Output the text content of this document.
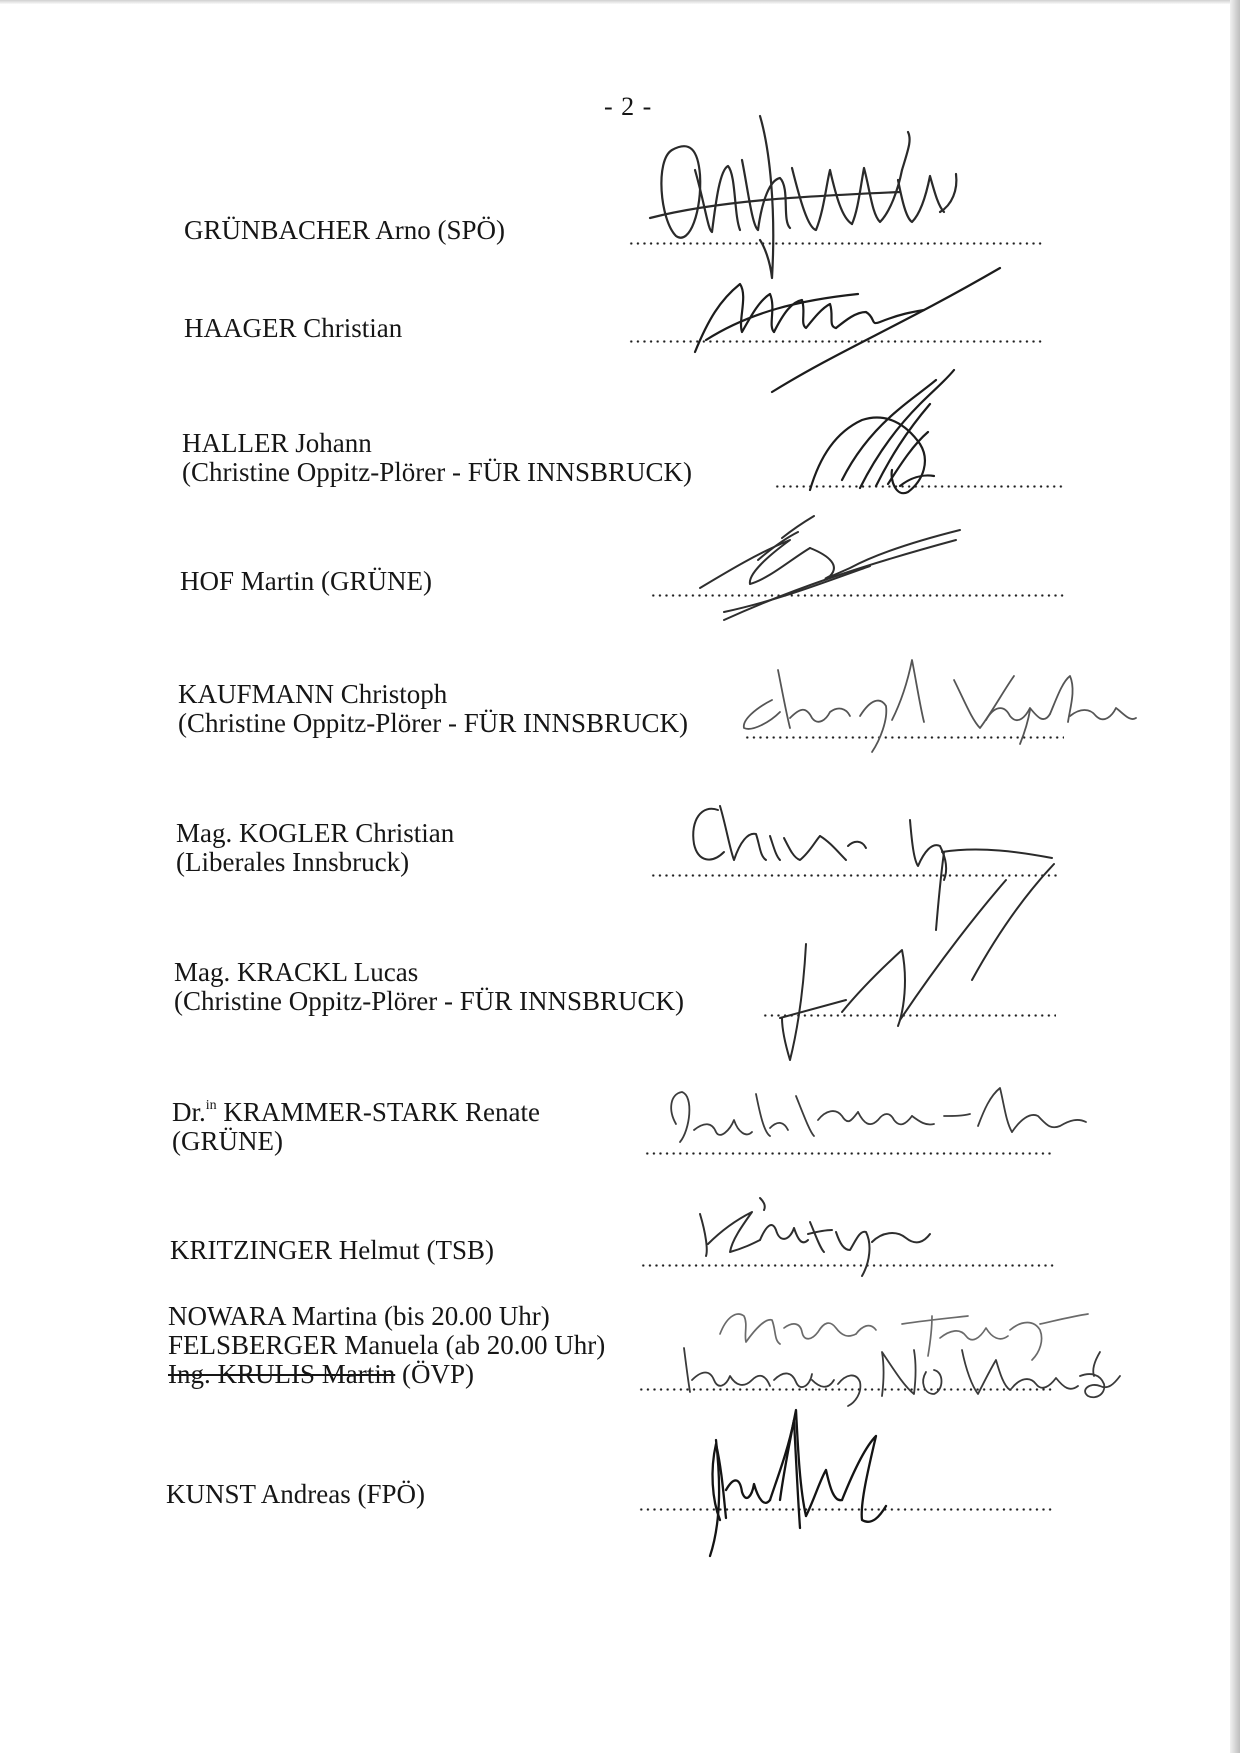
- 2 -
GRÜNBACHER Arno (SPÖ)
HAAGER Christian
HALLER Johann
(Christine Oppitz-Plörer - FÜR INNSBRUCK)
HOF Martin (GRÜNE)
KAUFMANN Christoph
(Christine Oppitz-Plörer - FÜR INNSBRUCK)
Mag. KOGLER Christian
(Liberales Innsbruck)
Mag. KRACKL Lucas
(Christine Oppitz-Plörer - FÜR INNSBRUCK)
Dr.$^{in}$ KRAMMER-STARK Renate
(GRÜNE)
KRITZINGER Helmut (TSB)
NOWARA Martina (bis 20.00 Uhr)
FELSBERGER Manuela (ab 20.00 Uhr)
Ing. KRULIS Martin (ÖVP)
KUNST Andreas (FPÖ)
